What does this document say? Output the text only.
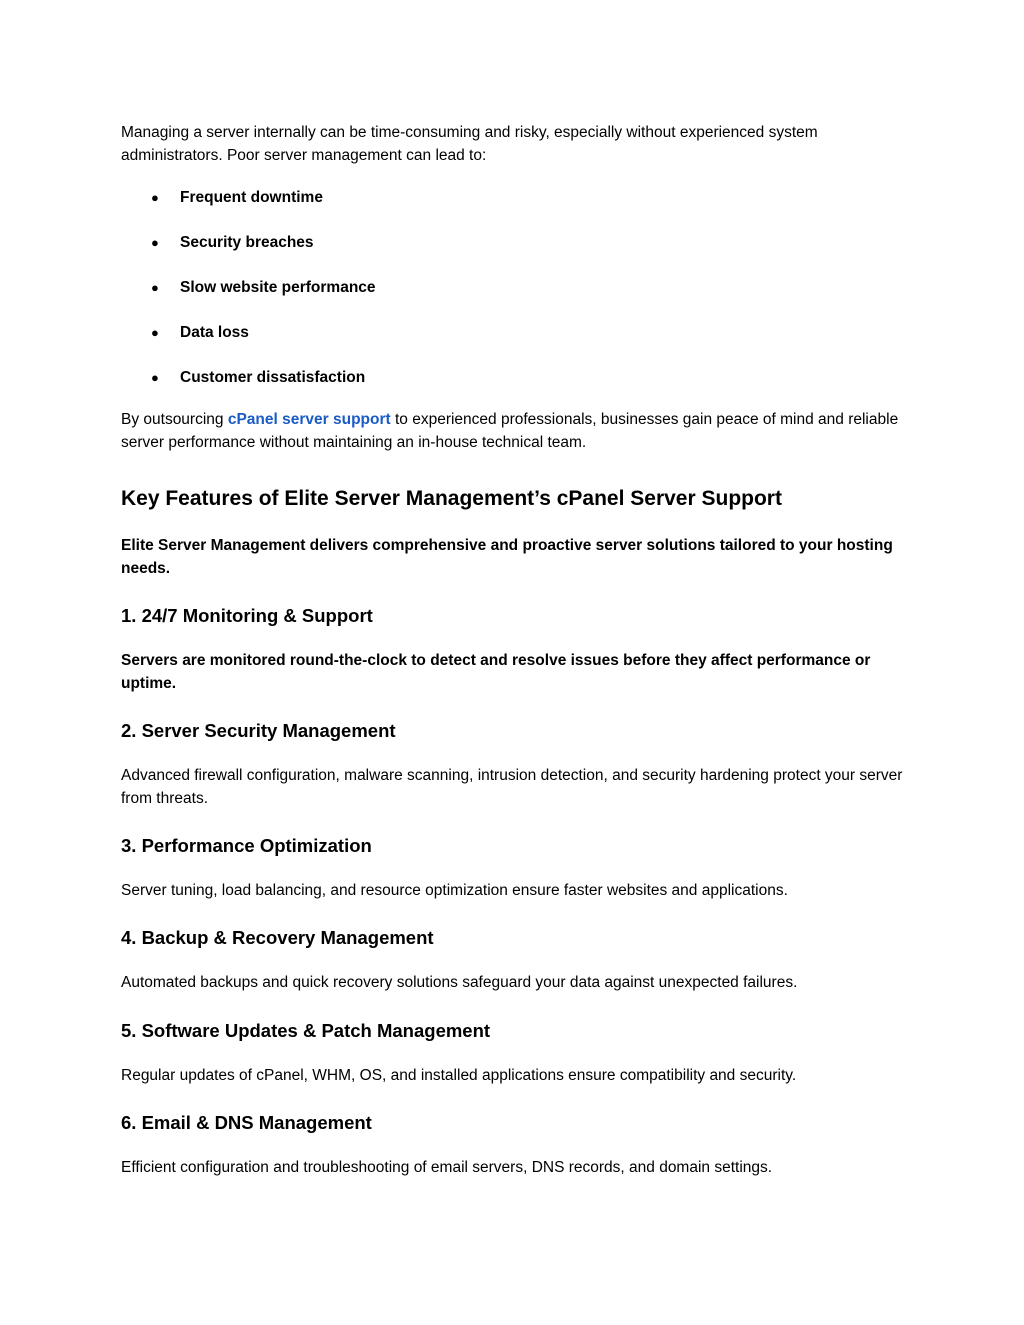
Managing a server internally can be time-consuming and risky, especially without experienced system administrators. Poor server management can lead to:

● Frequent downtime
● Security breaches
● Slow website performance
● Data loss
● Customer dissatisfaction

By outsourcing cPanel server support to experienced professionals, businesses gain peace of mind and reliable server performance without maintaining an in-house technical team.

Key Features of Elite Server Management’s cPanel Server Support

Elite Server Management delivers comprehensive and proactive server solutions tailored to your hosting needs.

1. 24/7 Monitoring & Support

Servers are monitored round-the-clock to detect and resolve issues before they affect performance or uptime.

2. Server Security Management

Advanced firewall configuration, malware scanning, intrusion detection, and security hardening protect your server from threats.

3. Performance Optimization

Server tuning, load balancing, and resource optimization ensure faster websites and applications.

4. Backup & Recovery Management

Automated backups and quick recovery solutions safeguard your data against unexpected failures.

5. Software Updates & Patch Management

Regular updates of cPanel, WHM, OS, and installed applications ensure compatibility and security.

6. Email & DNS Management

Efficient configuration and troubleshooting of email servers, DNS records, and domain settings.
